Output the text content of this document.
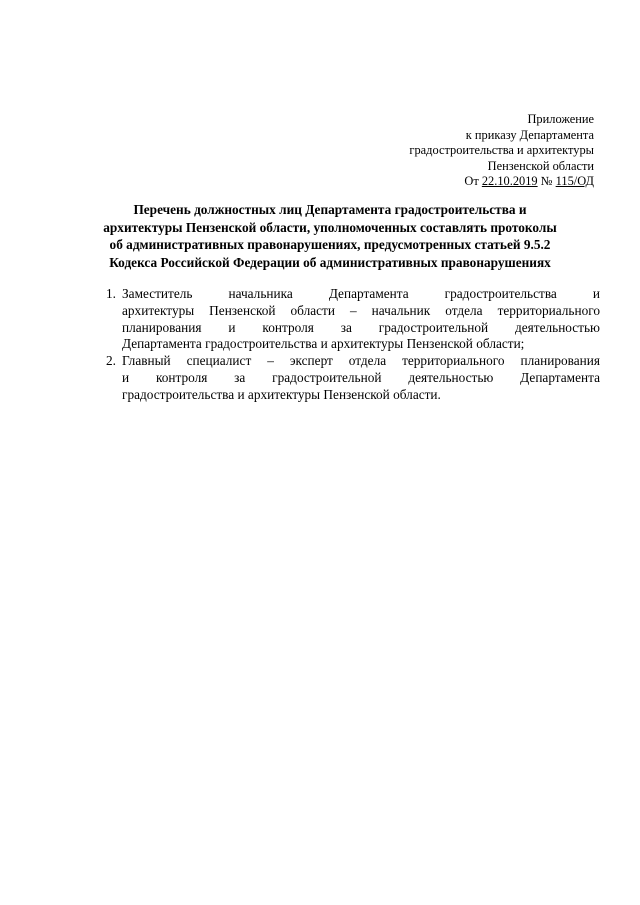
Приложение
к приказу Департамента
градостроительства и архитектуры
Пензенской области
От 22.10.2019 № 115/ОД
Перечень должностных лиц Департамента градостроительства и
архитектуры Пензенской области, уполномоченных составлять протоколы
об административных правонарушениях, предусмотренных статьей 9.5.2
Кодекса Российской Федерации об административных правонарушениях
1. Заместитель начальника Департамента градостроительства и
архитектуры Пензенской области – начальник отдела территориального
планирования и контроля за градостроительной деятельностью
Департамента градостроительства и архитектуры Пензенской области;
2. Главный специалист – эксперт отдела территориального планирования
и контроля за градостроительной деятельностью Департамента
градостроительства и архитектуры Пензенской области.
